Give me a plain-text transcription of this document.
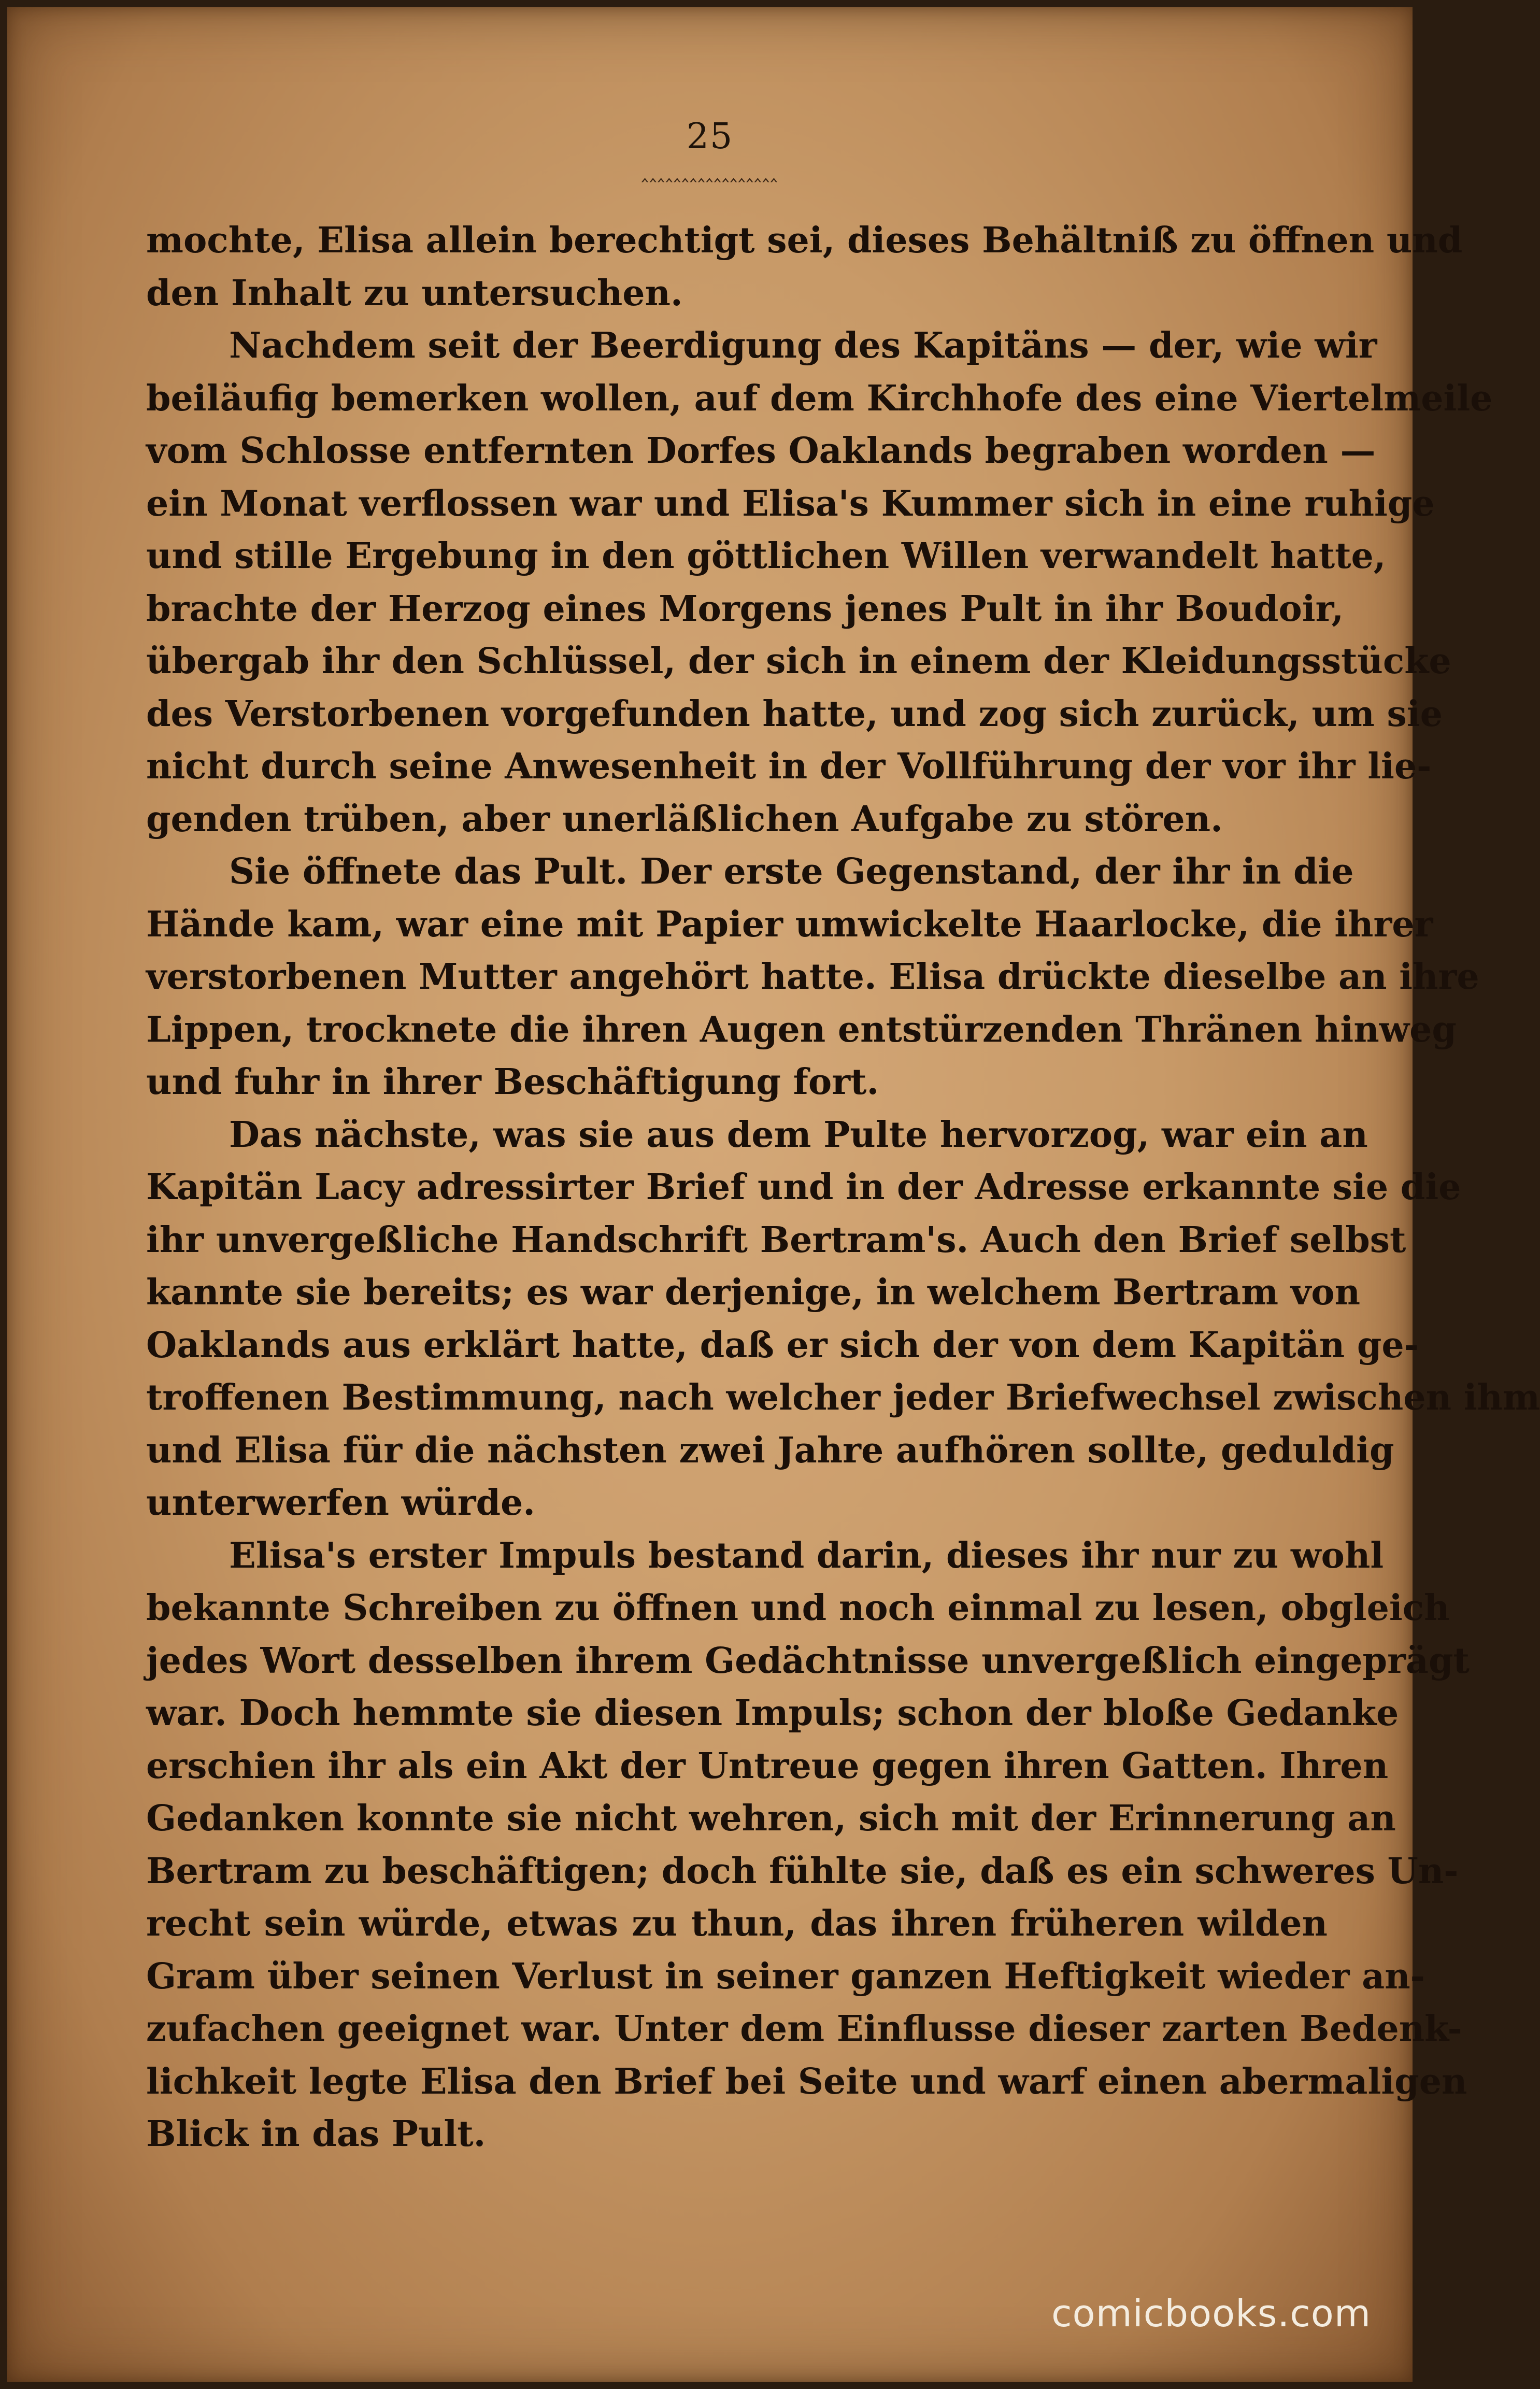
25
‸‸‸‸‸‸‸‸‸‸‸‸‸‸‸‸‸
mochte, Elisa allein berechtigt sei, dieses Behältniß zu öffnen und
den Inhalt zu untersuchen.
Nachdem seit der Beerdigung des Kapitäns — der, wie wir
beiläufig bemerken wollen, auf dem Kirchhofe des eine Viertelmeile
vom Schlosse entfernten Dorfes Oaklands begraben worden —
ein Monat verflossen war und Elisa's Kummer sich in eine ruhige
und stille Ergebung in den göttlichen Willen verwandelt hatte,
brachte der Herzog eines Morgens jenes Pult in ihr Boudoir,
übergab ihr den Schlüssel, der sich in einem der Kleidungsstücke
des Verstorbenen vorgefunden hatte, und zog sich zurück, um sie
nicht durch seine Anwesenheit in der Vollführung der vor ihr lie-
genden trüben, aber unerläßlichen Aufgabe zu stören.
Sie öffnete das Pult. Der erste Gegenstand, der ihr in die
Hände kam, war eine mit Papier umwickelte Haarlocke, die ihrer
verstorbenen Mutter angehört hatte. Elisa drückte dieselbe an ihre
Lippen, trocknete die ihren Augen entstürzenden Thränen hinweg
und fuhr in ihrer Beschäftigung fort.
Das nächste, was sie aus dem Pulte hervorzog, war ein an
Kapitän Lacy adressirter Brief und in der Adresse erkannte sie die
ihr unvergeßliche Handschrift Bertram's. Auch den Brief selbst
kannte sie bereits; es war derjenige, in welchem Bertram von
Oaklands aus erklärt hatte, daß er sich der von dem Kapitän ge-
troffenen Bestimmung, nach welcher jeder Briefwechsel zwischen ihm
und Elisa für die nächsten zwei Jahre aufhören sollte, geduldig
unterwerfen würde.
Elisa's erster Impuls bestand darin, dieses ihr nur zu wohl
bekannte Schreiben zu öffnen und noch einmal zu lesen, obgleich
jedes Wort desselben ihrem Gedächtnisse unvergeßlich eingeprägt
war. Doch hemmte sie diesen Impuls; schon der bloße Gedanke
erschien ihr als ein Akt der Untreue gegen ihren Gatten. Ihren
Gedanken konnte sie nicht wehren, sich mit der Erinnerung an
Bertram zu beschäftigen; doch fühlte sie, daß es ein schweres Un-
recht sein würde, etwas zu thun, das ihren früheren wilden
Gram über seinen Verlust in seiner ganzen Heftigkeit wieder an-
zufachen geeignet war. Unter dem Einflusse dieser zarten Bedenk-
lichkeit legte Elisa den Brief bei Seite und warf einen abermaligen
Blick in das Pult.
comicbooks.com
